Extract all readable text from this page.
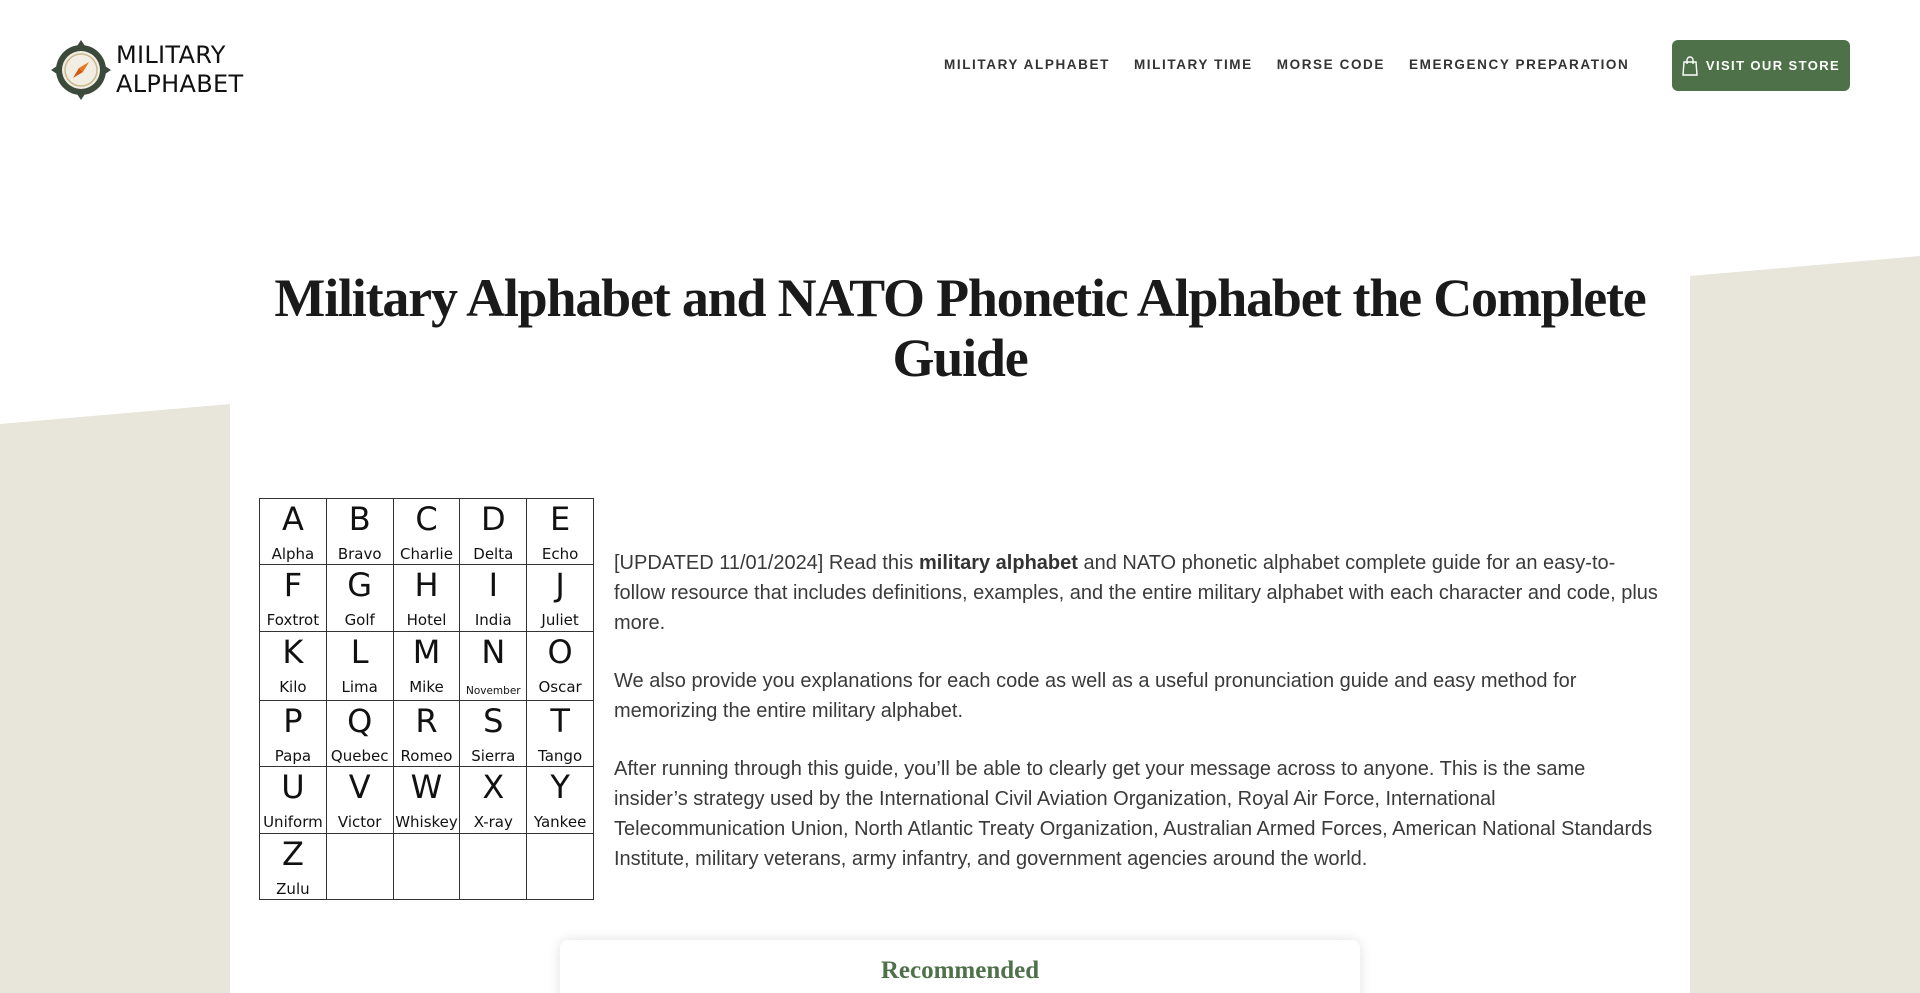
MILITARY
ALPHABET
MILITARY ALPHABET MILITARY TIME MORSE CODE EMERGENCY PREPARATION	VISIT OUR STORE
Military Alphabet and NATO Phonetic Alphabet the Complete Guide
A
Alpha
B
Bravo
C
Charlie
D
Delta
E
Echo
F
Foxtrot
G
Golf
H
Hotel
I
India
J
Juliet
K
Kilo
L
Lima
M
Mike
N
November
O
Oscar
P
Papa
Q
Quebec
R
Romeo
S
Sierra
T
Tango
U
Uniform
V
Victor
W
Whiskey
X
X-ray
Y
Yankee
Z
Zulu

[UPDATED 11/01/2024] Read this military alphabet and NATO phonetic alphabet complete guide for an easy-to-follow resource that includes definitions, examples, and the entire military alphabet with each character and code, plus more.

We also provide you explanations for each code as well as a useful pronunciation guide and easy method for memorizing the entire military alphabet.

After running through this guide, you’ll be able to clearly get your message across to anyone. This is the same insider’s strategy used by the International Civil Aviation Organization, Royal Air Force, International Telecommunication Union, North Atlantic Treaty Organization, Australian Armed Forces, American National Standards Institute, military veterans, army infantry, and government agencies around the world.

Recommended
